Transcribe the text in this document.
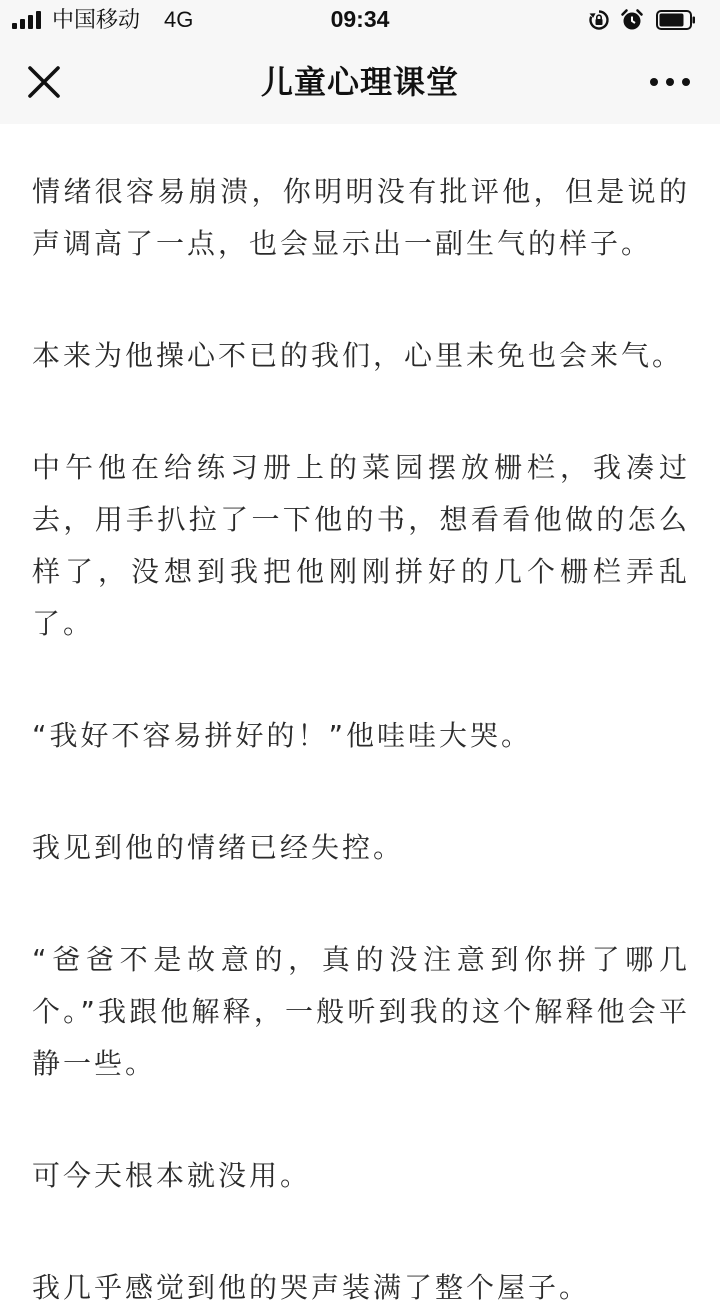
中国移动 4G	09:34
儿童心理课堂

情绪很容易崩溃，你明明没有批评他，但是说的声调高了一点，也会显示出一副生气的样子。

本来为他操心不已的我们，心里未免也会来气。

中午他在给练习册上的菜园摆放栅栏，我凑过去，用手扒拉了一下他的书，想看看他做的怎么样了，没想到我把他刚刚拼好的几个栅栏弄乱了。

“我好不容易拼好的！”他哇哇大哭。

我见到他的情绪已经失控。

“爸爸不是故意的，真的没注意到你拼了哪几个。”我跟他解释，一般听到我的这个解释他会平静一些。

可今天根本就没用。

我几乎感觉到他的哭声装满了整个屋子。
